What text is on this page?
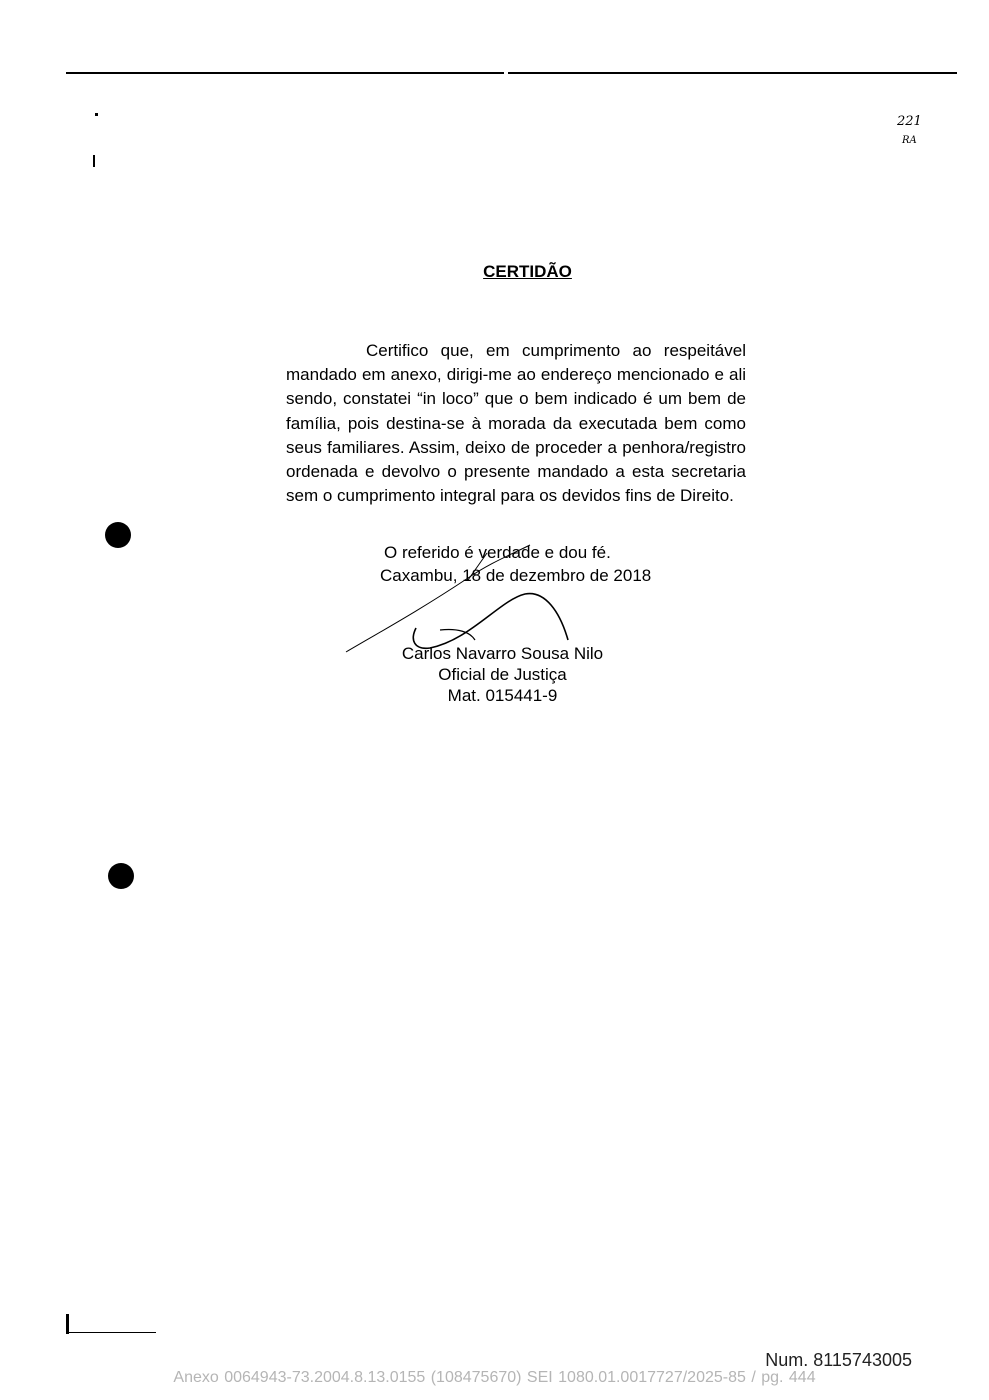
221
RA
CERTIDÃO

Certifico que, em cumprimento ao respeitável mandado em anexo, dirigi-me ao endereço mencionado e ali sendo, constatei “in loco” que o bem indicado é um bem de família, pois destina-se à morada da executada bem como seus familiares. Assim, deixo de proceder a penhora/registro ordenada e devolvo o presente mandado a esta secretaria sem o cumprimento integral para os devidos fins de Direito.

O referido é verdade e dou fé.
Caxambu, 18 de dezembro de 2018
Carlos Navarro Sousa Nilo
Oficial de Justiça
Mat. 015441-9
Num. 8115743005
Anexo 0064943-73.2004.8.13.0155 (108475670) SEI 1080.01.0017727/2025-85 / pg. 444
